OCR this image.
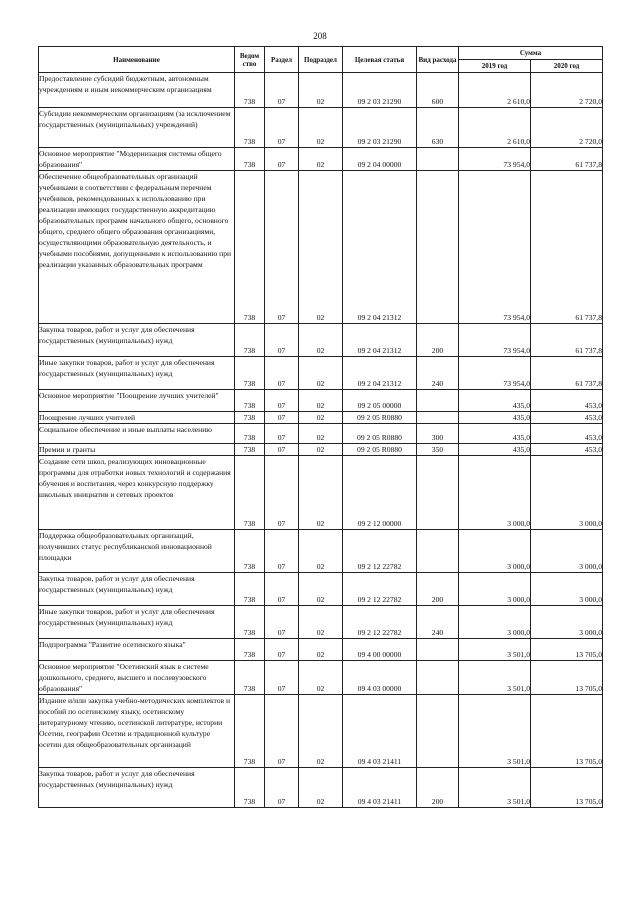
208
Наименование	Ведом ство	Раздел	Подраздел	Целевая статья	Вид расхода	Сумма	
						2019 год	2020 год
Предоставление субсидий бюджетным, автономным учреждениям и иным некоммерческим организациям	738	07	02	09 2 03 21290	600	2 610,0	2 720,0
Субсидии некоммерческим организациям (за исключением государственных (муниципальных) учреждений)	738	07	02	09 2 03 21290	630	2 610,0	2 720,0
Основное мероприятие "Модернизация системы общего образования"	738	07	02	09 2 04 00000		73 954,0	61 737,8
Обеспечение общеобразовательных организаций учебниками в соответствии с федеральным перечнем учебников, рекомендованных к использованию при реализации имеющих государственную аккредитацию образовательных программ начального общего, основного общего, среднего общего образования организациями, осуществляющими образовательную деятельность, и учебными пособиями, допущенными к использованию при реализации указанных образовательных программ	738	07	02	09 2 04 21312		73 954,0	61 737,8
Закупка товаров, работ и услуг для обеспечения государственных (муниципальных) нужд	738	07	02	09 2 04 21312	200	73 954,0	61 737,8
Иные закупки товаров, работ и услуг для обеспечения государственных (муниципальных) нужд	738	07	02	09 2 04 21312	240	73 954,0	61 737,8
Основное мероприятие "Поощрение лучших учителей"	738	07	02	09 2 05 00000		435,0	453,0
Поощрение лучших учителей	738	07	02	09 2 05 R0880		435,0	453,0
Социальное обеспечение и иные выплаты населению	738	07	02	09 2 05 R0880	300	435,0	453,0
Премии и гранты	738	07	02	09 2 05 R0880	350	435,0	453,0
Создание сети школ, реализующих инновационные программы для отработки новых технологий и содержания обучения и воспитания, через конкурсную поддержку школьных инициатив и сетевых проектов	738	07	02	09 2 12 00000		3 000,0	3 000,0
Поддержка общеобразовательных организаций, получивших статус республиканской инновационной площадки	738	07	02	09 2 12 22782		3 000,0	3 000,0
Закупка товаров, работ и услуг для обеспечения государственных (муниципальных) нужд	738	07	02	09 2 12 22782	200	3 000,0	3 000,0
Иные закупки товаров, работ и услуг для обеспечения государственных (муниципальных) нужд	738	07	02	09 2 12 22782	240	3 000,0	3 000,0
Подпрограмма "Развитие осетинского языка"	738	07	02	09 4 00 00000		3 501,0	13 705,0
Основное мероприятие "Осетинский язык в системе дошкольного, среднего, высшего и послевузовского образования"	738	07	02	09 4 03 00000		3 501,0	13 705,0
Издание и/или закупка учебно-методических комплектов и пособий по осетинскому языку, осетинскому литературному чтению, осетинской литературе, истории Осетии, географии Осетии и традиционной культуре осетин для общеобразовательных организаций	738	07	02	09 4 03 21411		3 501,0	13 705,0
Закупка товаров, работ и услуг для обеспечения государственных (муниципальных) нужд	738	07	02	09 4 03 21411	200	3 501,0	13 705,0
